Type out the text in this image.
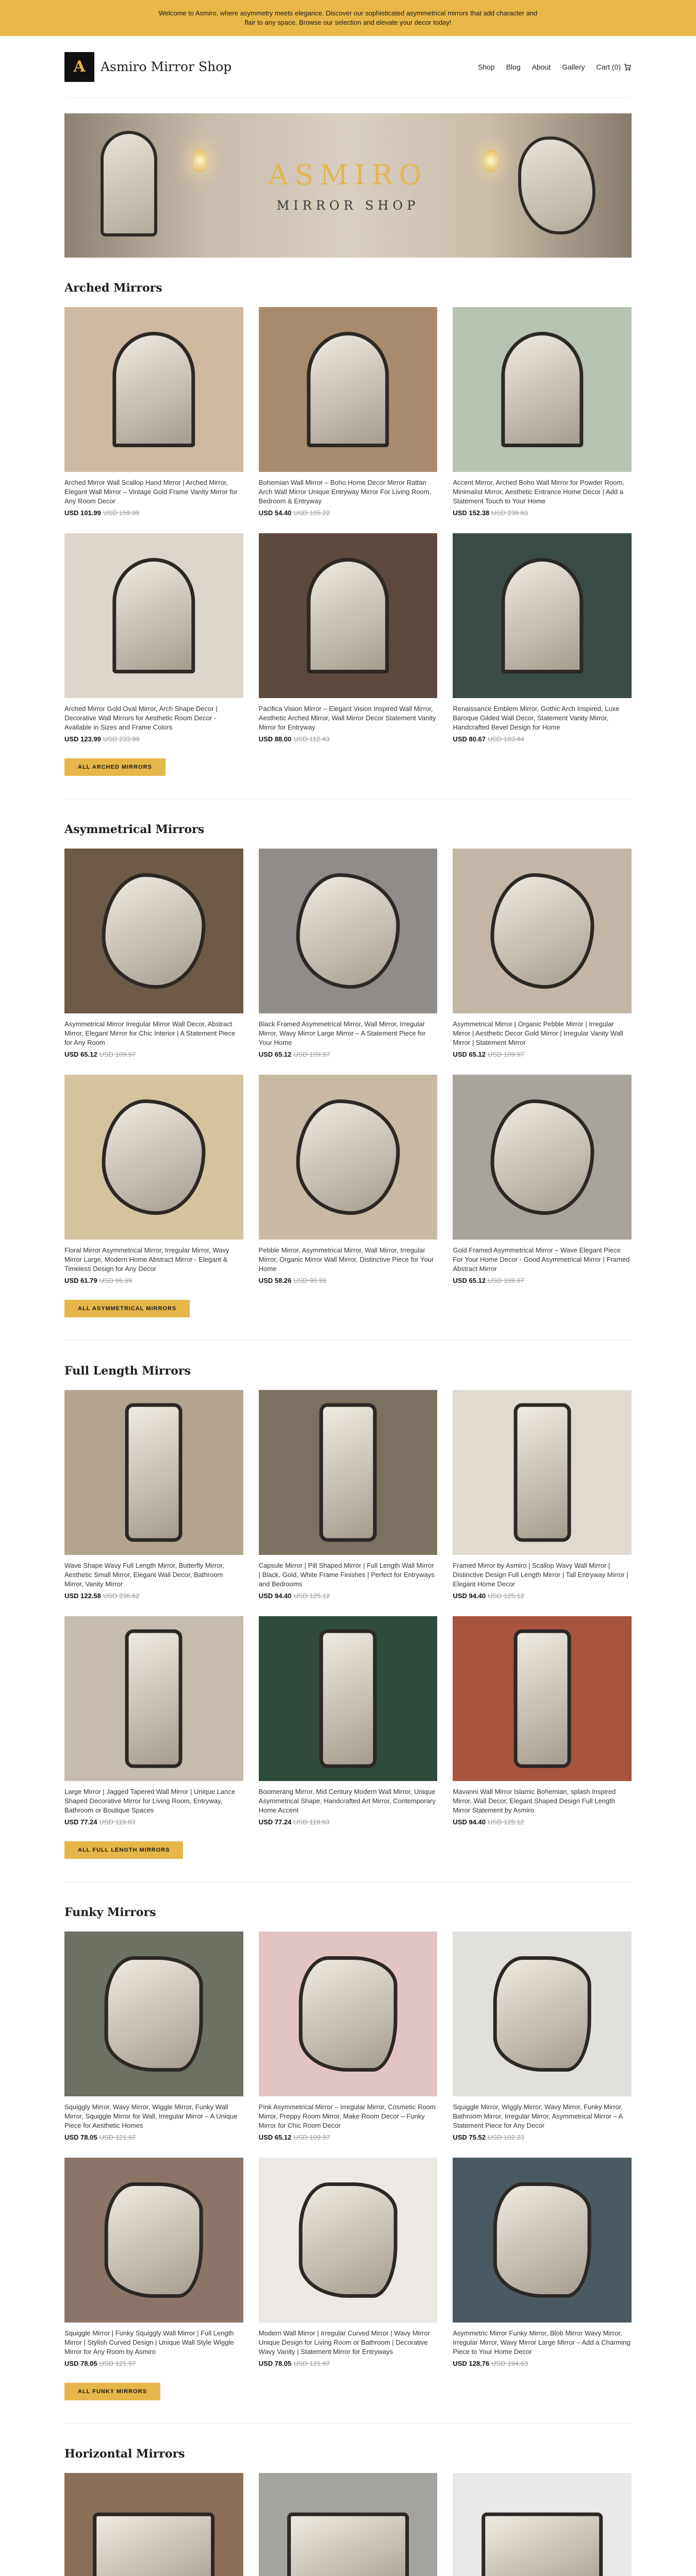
Welcome to Asmiro, where asymmetry meets elegance. Discover our sophisticated asymmetrical mirrors that add character and flair to any space. Browse our selection and elevate your decor today!
A Asmiro Mirror Shop	Shop Blog About Gallery Cart (0)
ASMIRO
MIRROR SHOP
Arched Mirrors
Arched Mirror Wall Scallop Hand Mirror | Arched Mirror, Elegant Wall Mirror – Vintage Gold Frame Vanity Mirror for Any Room Decor
USD 101.99 USD 159.99
Bohemian Wall Mirror – Boho Home Decor Mirror Rattan Arch Wall Mirror Unique Entryway Mirror For Living Room, Bedroom & Entryway
USD 54.40 USD 105.22
Accent Mirror, Arched Boho Wall Mirror for Powder Room, Minimalist Mirror, Aesthetic Entrance Home Decor | Add a Statement Touch to Your Home
USD 152.38 USD 239.83
Arched Mirror Gold Oval Mirror, Arch Shape Decor | Decorative Wall Mirrors for Aesthetic Room Decor - Available in Sizes and Frame Colors
USD 123.99 USD 233.99
Pacifica Vision Mirror – Elegant Vision Inspired Wall Mirror, Aesthetic Arched Mirror, Wall Mirror Decor Statement Vanity Mirror for Entryway
USD 88.00 USD 112.43
Renaissance Emblem Mirror, Gothic Arch Inspired, Luxe Baroque Gilded Wall Decor, Statement Vanity Mirror, Handcrafted Bevel Design for Home
USD 80.67 USD 103.44
ALL ARCHED MIRRORS
Asymmetrical Mirrors
Asymmetrical Mirror Irregular Mirror Wall Decor, Abstract Mirror, Elegant Mirror for Chic Interior | A Statement Piece for Any Room
USD 65.12 USD 109.97
Black Framed Asymmetrical Mirror, Wall Mirror, Irregular Mirror, Wavy Mirror Large Mirror – A Statement Piece for Your Home
USD 65.12 USD 109.97
Asymmetrical Mirror | Organic Pebble Mirror | Irregular Mirror | Aesthetic Decor Gold Mirror | Irregular Vanity Wall Mirror | Statement Mirror
USD 65.12 USD 109.97
Floral Mirror Asymmetrical Mirror, Irregular Mirror, Wavy Mirror Large, Modern Home Abstract Mirror - Elegant & Timeless Design for Any Decor
USD 61.79 USD 96.99
Pebble Mirror, Asymmetrical Mirror, Wall Mirror, Irregular Mirror, Organic Mirror Wall Mirror, Distinctive Piece for Your Home
USD 58.26 USD 90.99
Gold Framed Asymmetrical Mirror – Wave Elegant Piece For Your Home Decor - Good Asymmetrical Mirror | Framed Abstract Mirror
USD 65.12 USD 109.97
ALL ASYMMETRICAL MIRRORS
Full Length Mirrors
Wave Shape Wavy Full Length Mirror, Butterfly Mirror, Aesthetic Small Mirror, Elegant Wall Decor, Bathroom Mirror, Vanity Mirror
USD 122.58 USD 236.62
Capsule Mirror | Pill Shaped Mirror | Full Length Wall Mirror | Black, Gold, White Frame Finishes | Perfect for Entryways and Bedrooms
USD 94.40 USD 125.12
Framed Mirror by Asmiro | Scallop Wavy Wall Mirror | Distinctive Design Full Length Mirror | Tall Entryway Mirror | Elegant Home Decor
USD 94.40 USD 125.12
Large Mirror | Jagged Tapered Wall Mirror | Unique Lance Shaped Decorative Mirror for Living Room, Entryway, Bathroom or Boutique Spaces
USD 77.24 USD 119.63
Boomerang Mirror, Mid Century Modern Wall Mirror, Unique Asymmetrical Shape, Handcrafted Art Mirror, Contemporary Home Accent
USD 77.24 USD 119.63
Mavanni Wall Mirror Islamic Bohemian, splash Inspired Mirror, Wall Decor, Elegant Shaped Design Full Length Mirror Statement by Asmiro
USD 94.40 USD 125.12
ALL FULL LENGTH MIRRORS
Funky Mirrors
Squiggly Mirror, Wavy Mirror, Wiggle Mirror, Funky Wall Mirror, Squiggle Mirror for Wall, Irregular Mirror – A Unique Piece for Aesthetic Homes
USD 78.05 USD 121.97
Pink Asymmetrical Mirror – Irregular Mirror, Cosmetic Room Mirror, Preppy Room Mirror, Make Room Decor – Funky Mirror for Chic Room Decor
USD 65.12 USD 109.97
Squiggle Mirror, Wiggly Mirror, Wavy Mirror, Funky Mirror, Bathroom Mirror, Irregular Mirror, Asymmetrical Mirror – A Statement Piece for Any Decor
USD 75.52 USD 102.23
Squiggle Mirror | Funky Squiggly Wall Mirror | Full Length Mirror | Stylish Curved Design | Unique Wall Style Wiggle Mirror for Any Room by Asmiro
USD 78.05 USD 121.97
Modern Wall Mirror | Irregular Curved Mirror | Wavy Mirror Unique Design for Living Room or Bathroom | Decorative Wavy Vanity | Statement Mirror for Entryways
USD 78.05 USD 121.97
Asymmetric Mirror Funky Mirror, Blob Mirror Wavy Mirror, Irregular Mirror, Wavy Mirror Large Mirror – Add a Charming Piece to Your Home Decor
USD 128.76 USD 194.63
ALL FUNKY MIRRORS
Horizontal Mirrors
